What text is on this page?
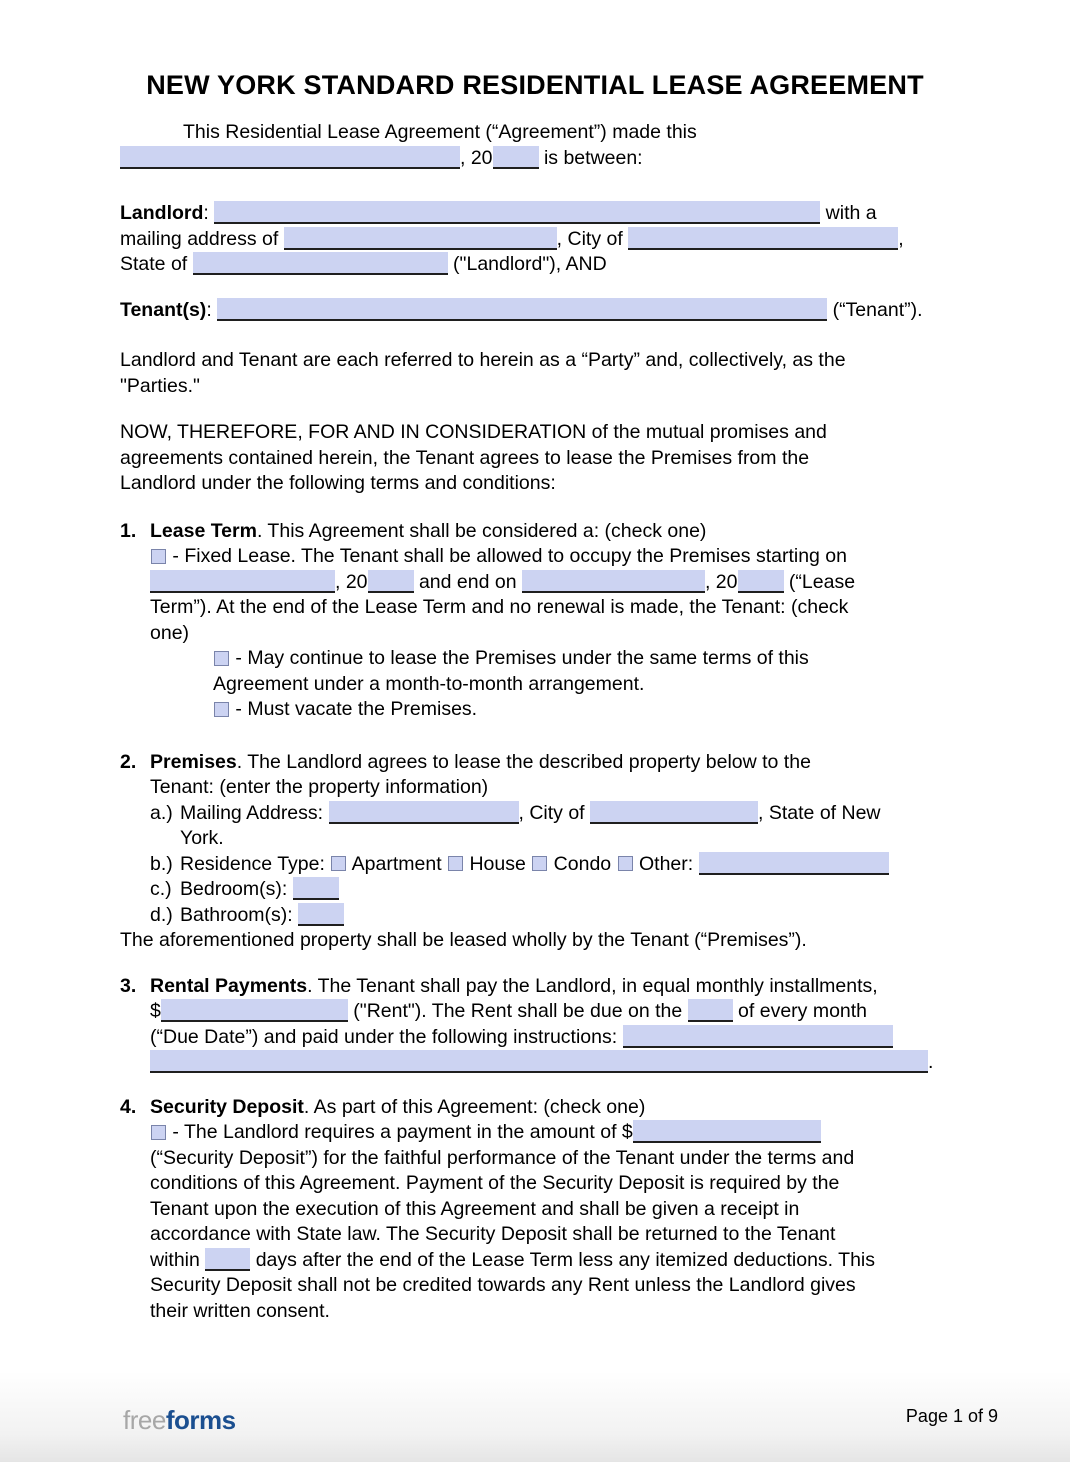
NEW YORK STANDARD RESIDENTIAL LEASE AGREEMENT
This Residential Lease Agreement (“Agreement”) made this
, 20 is between:
Landlord:	with a
mailing address of	, City of	,
State of	("Landlord"), AND
Tenant(s):	(“Tenant”).
Landlord and Tenant are each referred to herein as a “Party” and, collectively, as the
"Parties."
NOW, THEREFORE, FOR AND IN CONSIDERATION of the mutual promises and
agreements contained herein, the Tenant agrees to lease the Premises from the
Landlord under the following terms and conditions:
1. Lease Term. This Agreement shall be considered a: (check one)
- Fixed Lease. The Tenant shall be allowed to occupy the Premises starting on
, 20 and end on	, 20 (“Lease
Term”). At the end of the Lease Term and no renewal is made, the Tenant: (check
one)
- May continue to lease the Premises under the same terms of this
Agreement under a month-to-month arrangement.
- Must vacate the Premises.
2. Premises. The Landlord agrees to lease the described property below to the
Tenant: (enter the property information)
a.) Mailing Address:	, City of	, State of New
York.
b.) Residence Type:  Apartment  House  Condo  Other:
c.) Bedroom(s):
d.) Bathroom(s):
The aforementioned property shall be leased wholly by the Tenant (“Premises”).
3. Rental Payments. The Tenant shall pay the Landlord, in equal monthly installments,
$	("Rent"). The Rent shall be due on the  of every month
(“Due Date”) and paid under the following instructions:
.
4. Security Deposit. As part of this Agreement: (check one)
- The Landlord requires a payment in the amount of $
(“Security Deposit”) for the faithful performance of the Tenant under the terms and
conditions of this Agreement. Payment of the Security Deposit is required by the
Tenant upon the execution of this Agreement and shall be given a receipt in
accordance with State law. The Security Deposit shall be returned to the Tenant
within  days after the end of the Lease Term less any itemized deductions. This
Security Deposit shall not be credited towards any Rent unless the Landlord gives
their written consent.
freeforms	Page 1 of 9
